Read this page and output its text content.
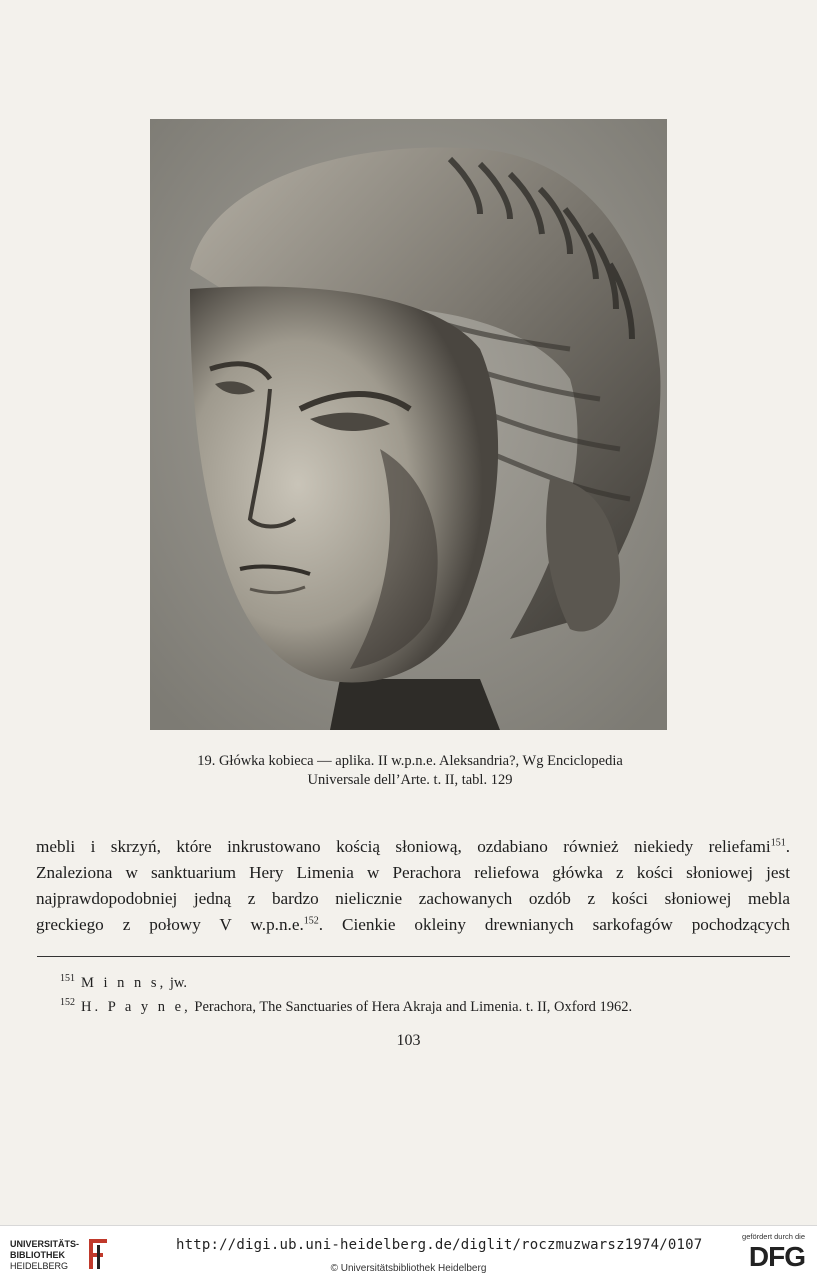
19. Główka kobieca — aplika. II w.p.n.e. Aleksandria?, Wg Enciclopedia

Universale dell’Arte. t. II, tabl. 129
mebli i skrzyń, które inkrustowano kością słoniową, ozdabiano również niekiedy reliefami$^{151}$.
Znaleziona w sanktuarium Hery Limenia w Perachora reliefowa główka z kości słoniowej jest
najprawdopodobniej jedną z bardzo nielicznie zachowanych ozdób z kości słoniowej mebla
greckiego z połowy V w.p.n.e.$^{152}$. Cienkie okleiny drewnianych sarkofagów pochodzących
$^{151}$ M i n n s, jw.
$^{152}$ H. P a y n e, Perachora, The Sanctuaries of Hera Akraja and Limenia. t. II, Oxford 1962.
103
UNIVERSITÄTS-
BIBLIOTHEK
HEIDELBERG
http://digi.ub.uni-heidelberg.de/diglit/roczmuzwarsz1974/0107
© Universitätsbibliothek Heidelberg
gefördert durch die
DFG
